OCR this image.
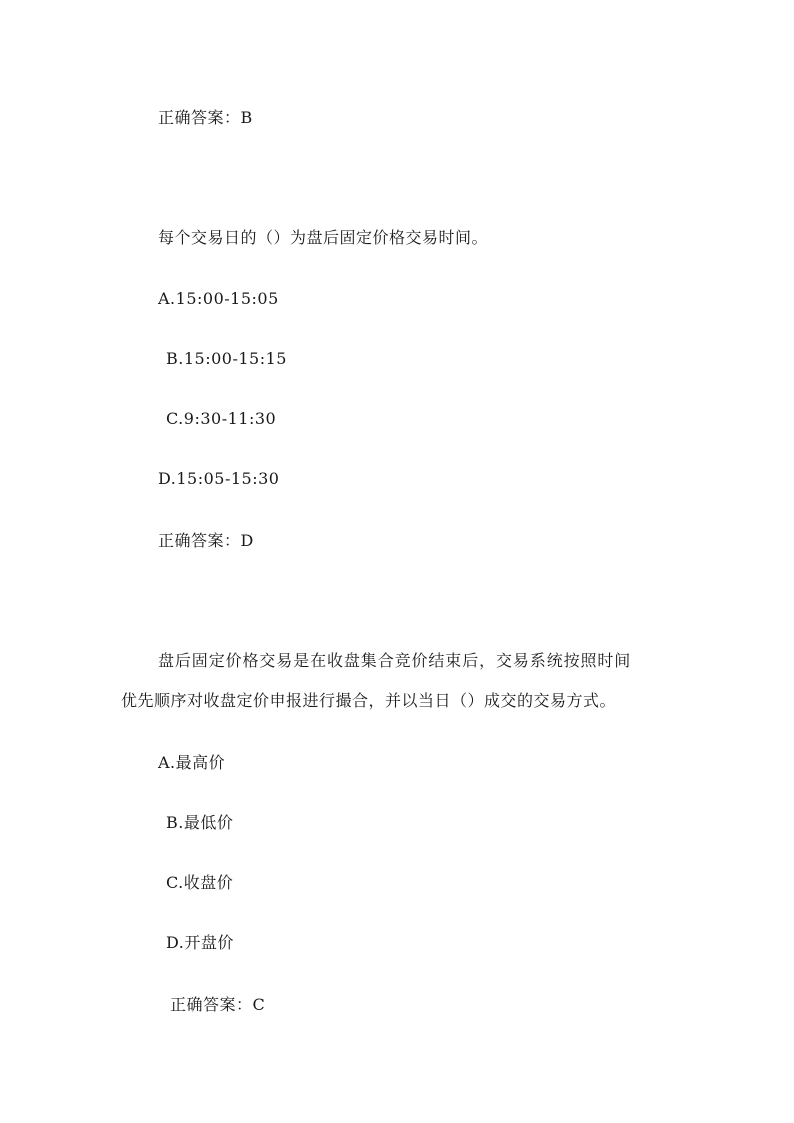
正确答案：B
每个交易日的（）为盘后固定价格交易时间。
A.15:00-15:05
B.15:00-15:15
C.9:30-11:30
D.15:05-15:30
正确答案：D
盘后固定价格交易是在收盘集合竞价结束后，交易系统按照时间
优先顺序对收盘定价申报进行撮合，并以当日（）成交的交易方式。
A.最高价
B.最低价
C.收盘价
D.开盘价
正确答案：C
